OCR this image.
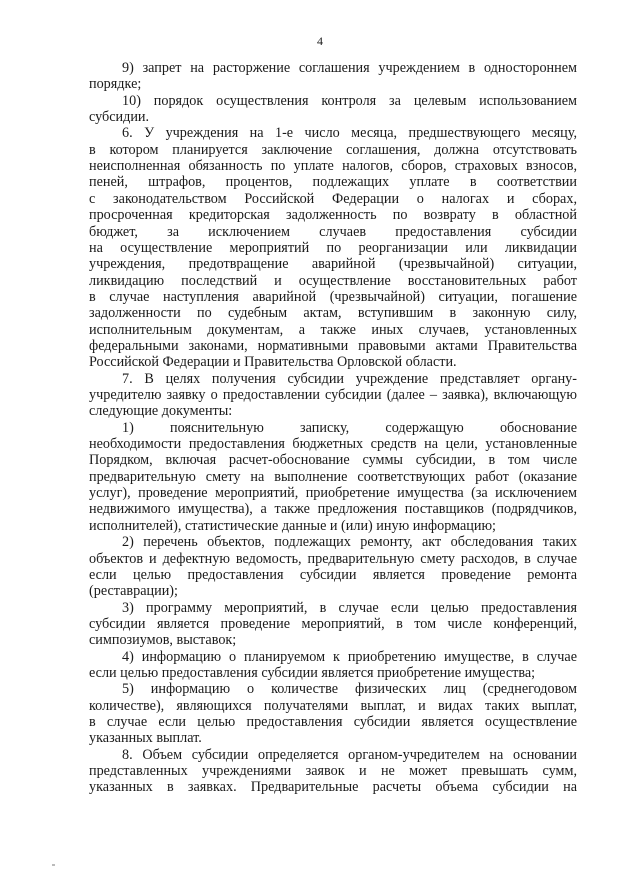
4
9) запрет на расторжение соглашения учреждением в одностороннем
порядке;
10) порядок осуществления контроля за целевым использованием
субсидии.
6. У учреждения на 1-е число месяца, предшествующего месяцу,
в котором планируется заключение соглашения, должна отсутствовать
неисполненная обязанность по уплате налогов, сборов, страховых взносов,
пеней, штрафов, процентов, подлежащих уплате в соответствии
с законодательством Российской Федерации о налогах и сборах,
просроченная кредиторская задолженность по возврату в областной
бюджет, за исключением случаев предоставления субсидии
на осуществление мероприятий по реорганизации или ликвидации
учреждения, предотвращение аварийной (чрезвычайной) ситуации,
ликвидацию последствий и осуществление восстановительных работ
в случае наступления аварийной (чрезвычайной) ситуации, погашение
задолженности по судебным актам, вступившим в законную силу,
исполнительным документам, а также иных случаев, установленных
федеральными законами, нормативными правовыми актами Правительства
Российской Федерации и Правительства Орловской области.
7. В целях получения субсидии учреждение представляет органу-
учредителю заявку о предоставлении субсидии (далее – заявка), включающую
следующие документы:
1) пояснительную записку, содержащую обоснование
необходимости предоставления бюджетных средств на цели, установленные
Порядком, включая расчет-обоснование суммы субсидии, в том числе
предварительную смету на выполнение соответствующих работ (оказание
услуг), проведение мероприятий, приобретение имущества (за исключением
недвижимого имущества), а также предложения поставщиков (подрядчиков,
исполнителей), статистические данные и (или) иную информацию;
2) перечень объектов, подлежащих ремонту, акт обследования таких
объектов и дефектную ведомость, предварительную смету расходов, в случае
если целью предоставления субсидии является проведение ремонта
(реставрации);
3) программу мероприятий, в случае если целью предоставления
субсидии является проведение мероприятий, в том числе конференций,
симпозиумов, выставок;
4) информацию о планируемом к приобретению имуществе, в случае
если целью предоставления субсидии является приобретение имущества;
5) информацию о количестве физических лиц (среднегодовом
количестве), являющихся получателями выплат, и видах таких выплат,
в случае если целью предоставления субсидии является осуществление
указанных выплат.
8. Объем субсидии определяется органом-учредителем на основании
представленных учреждениями заявок и не может превышать сумм,
указанных в заявках. Предварительные расчеты объема субсидии на
